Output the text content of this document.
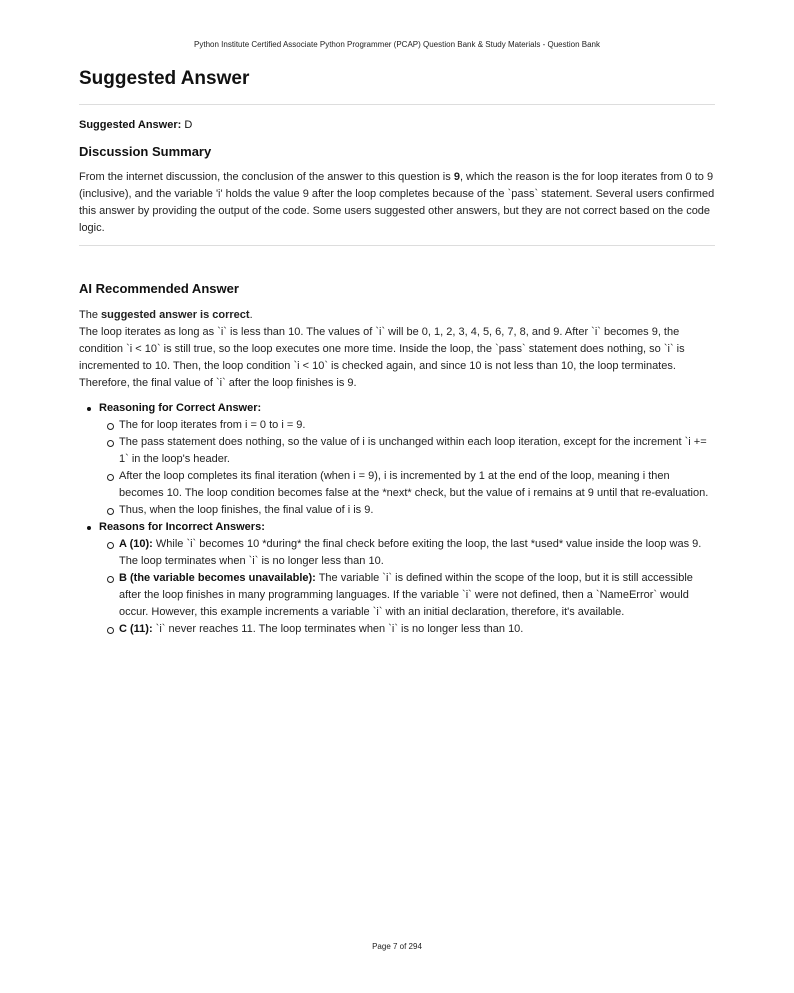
Python Institute Certified Associate Python Programmer (PCAP) Question Bank & Study Materials - Question Bank
Suggested Answer
Suggested Answer: D
Discussion Summary

From the internet discussion, the conclusion of the answer to this question is 9, which the reason is the for loop iterates from 0 to 9 (inclusive), and the variable 'i' holds the value 9 after the loop completes because of the `pass` statement. Several users confirmed this answer by providing the output of the code. Some users suggested other answers, but they are not correct based on the code logic.

AI Recommended Answer

The suggested answer is correct.

The loop iterates as long as `i` is less than 10. The values of `i` will be 0, 1, 2, 3, 4, 5, 6, 7, 8, and 9. After `i` becomes 9, the condition `i < 10` is still true, so the loop executes one more time. Inside the loop, the `pass` statement does nothing, so `i` is incremented to 10. Then, the loop condition `i < 10` is checked again, and since 10 is not less than 10, the loop terminates. Therefore, the final value of `i` after the loop finishes is 9.

Reasoning for Correct Answer:
The for loop iterates from i = 0 to i = 9.
The pass statement does nothing, so the value of i is unchanged within each loop iteration, except for the increment `i += 1` in the loop's header.
After the loop completes its final iteration (when i = 9), i is incremented by 1 at the end of the loop, meaning i then becomes 10. The loop condition becomes false at the *next* check, but the value of i remains at 9 until that re-evaluation.
Thus, when the loop finishes, the final value of i is 9.
Reasons for Incorrect Answers:
A (10): While `i` becomes 10 *during* the final check before exiting the loop, the last *used* value inside the loop was 9. The loop terminates when `i` is no longer less than 10.
B (the variable becomes unavailable): The variable `i` is defined within the scope of the loop, but it is still accessible after the loop finishes in many programming languages. If the variable `i` were not defined, then a `NameError` would occur. However, this example increments a variable `i` with an initial declaration, therefore, it's available.
C (11): `i` never reaches 11. The loop terminates when `i` is no longer less than 10.
Page 7 of 294
